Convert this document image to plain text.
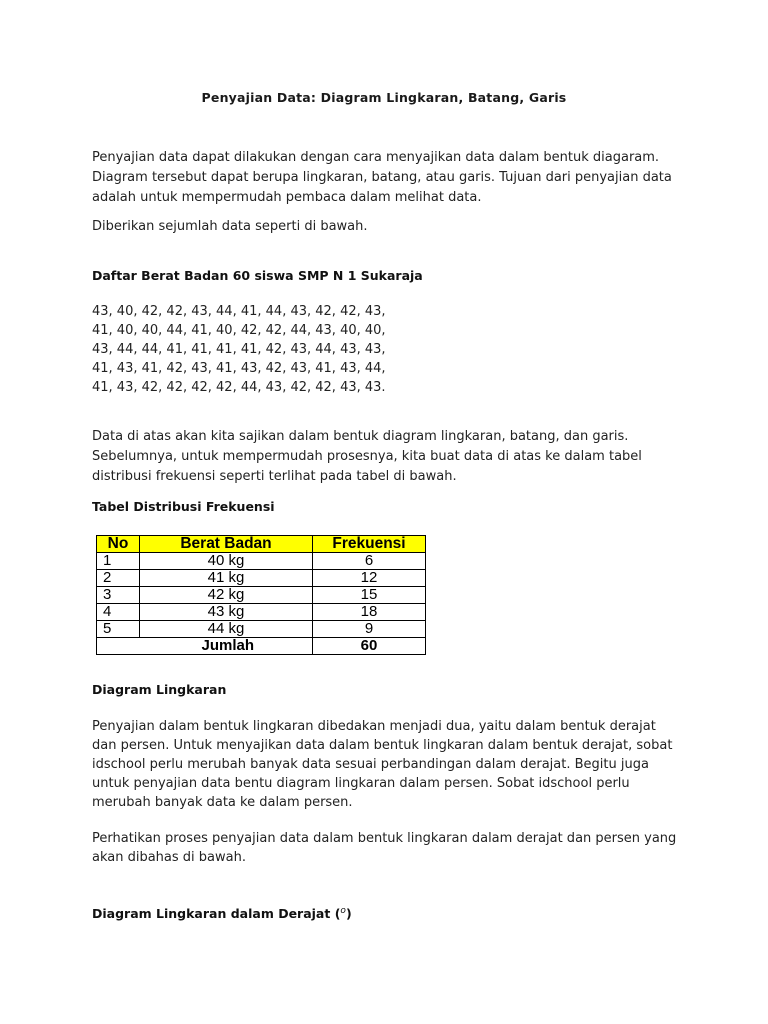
Penyajian Data: Diagram Lingkaran, Batang, Garis
Penyajian data dapat dilakukan dengan cara menyajikan data dalam bentuk diagaram.
Diagram tersebut dapat berupa lingkaran, batang, atau garis. Tujuan dari penyajian data
adalah untuk mempermudah pembaca dalam melihat data.
Diberikan sejumlah data seperti di bawah.
Daftar Berat Badan 60 siswa SMP N 1 Sukaraja
43, 40, 42, 42, 43, 44, 41, 44, 43, 42, 42, 43,
41, 40, 40, 44, 41, 40, 42, 42, 44, 43, 40, 40,
43, 44, 44, 41, 41, 41, 41, 42, 43, 44, 43, 43,
41, 43, 41, 42, 43, 41, 43, 42, 43, 41, 43, 44,
41, 43, 42, 42, 42, 42, 44, 43, 42, 42, 43, 43.
Data di atas akan kita sajikan dalam bentuk diagram lingkaran, batang, dan garis.
Sebelumnya, untuk mempermudah prosesnya, kita buat data di atas ke dalam tabel
distribusi frekuensi seperti terlihat pada tabel di bawah.
Tabel Distribusi Frekuensi
No	Berat Badan	Frekuensi
1	40 kg	6
2	41 kg	12
3	42 kg	15
4	43 kg	18
5	44 kg	9
	Jumlah	60
Diagram Lingkaran
Penyajian dalam bentuk lingkaran dibedakan menjadi dua, yaitu dalam bentuk derajat
dan persen. Untuk menyajikan data dalam bentuk lingkaran dalam bentuk derajat, sobat
idschool perlu merubah banyak data sesuai perbandingan dalam derajat. Begitu juga
untuk penyajian data bentu diagram lingkaran dalam persen. Sobat idschool perlu
merubah banyak data ke dalam persen.
Perhatikan proses penyajian data dalam bentuk lingkaran dalam derajat dan persen yang
akan dibahas di bawah.
Diagram Lingkaran dalam Derajat ($^o$)
